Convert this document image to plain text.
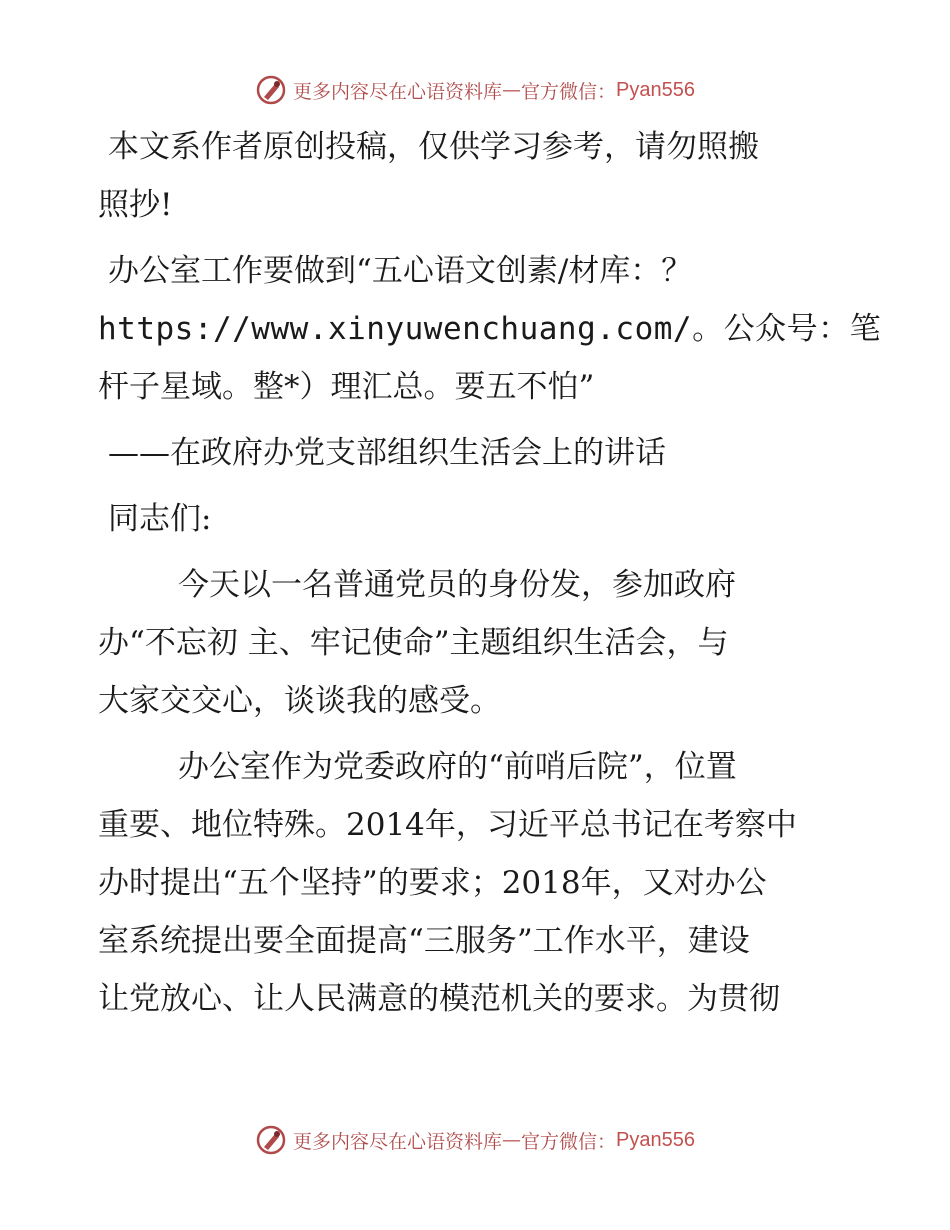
更多内容尽在心语资料库 — 官方微信： Pyan556

本文系作者原创投稿，仅供学习参考，请勿照搬
照抄!

办公室工作要做到“五心语文创素/材库：？
https://www.xinyuwenchuang.com/。公众号：笔
杆子星域。整*）理汇总。要五不怕”

——在政府办党支部组织生活会上的讲话

同志们:

今天以一名普通党员的身份发，参加政府
办“不忘初 主、牢记使命”主题组织生活会，与
大家交交心，谈谈我的感受。

办公室作为党委政府的“前哨后院”，位置
重要、地位特殊。2014年，习近平总书记在考察中
办时提出“五个坚持”的要求；2018年，又对办公
室系统提出要全面提高“三服务”工作水平，建设
让党放心、让人民满意的模范机关的要求。为贯彻

更多内容尽在心语资料库 — 官方微信： Pyan556
